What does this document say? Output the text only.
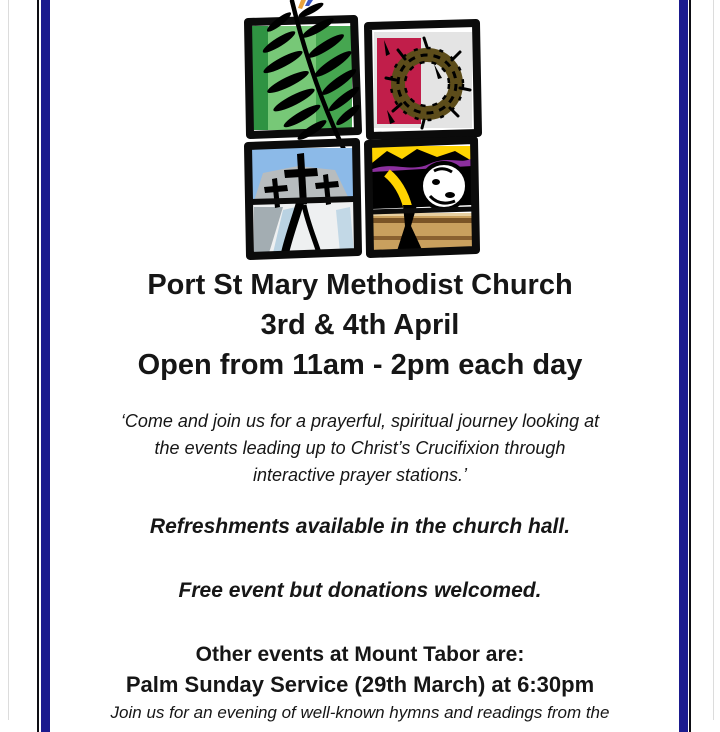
Port St Mary Methodist Church
3rd & 4th April
Open from 11am - 2pm each day
‘Come and join us for a prayerful, spiritual journey looking at
the events leading up to Christ’s Crucifixion through
interactive prayer stations.’
Refreshments available in the church hall.
Free event but donations welcomed.
Other events at Mount Tabor are:
Palm Sunday Service (29th March) at 6:30pm
Join us for an evening of well-known hymns and readings from the
